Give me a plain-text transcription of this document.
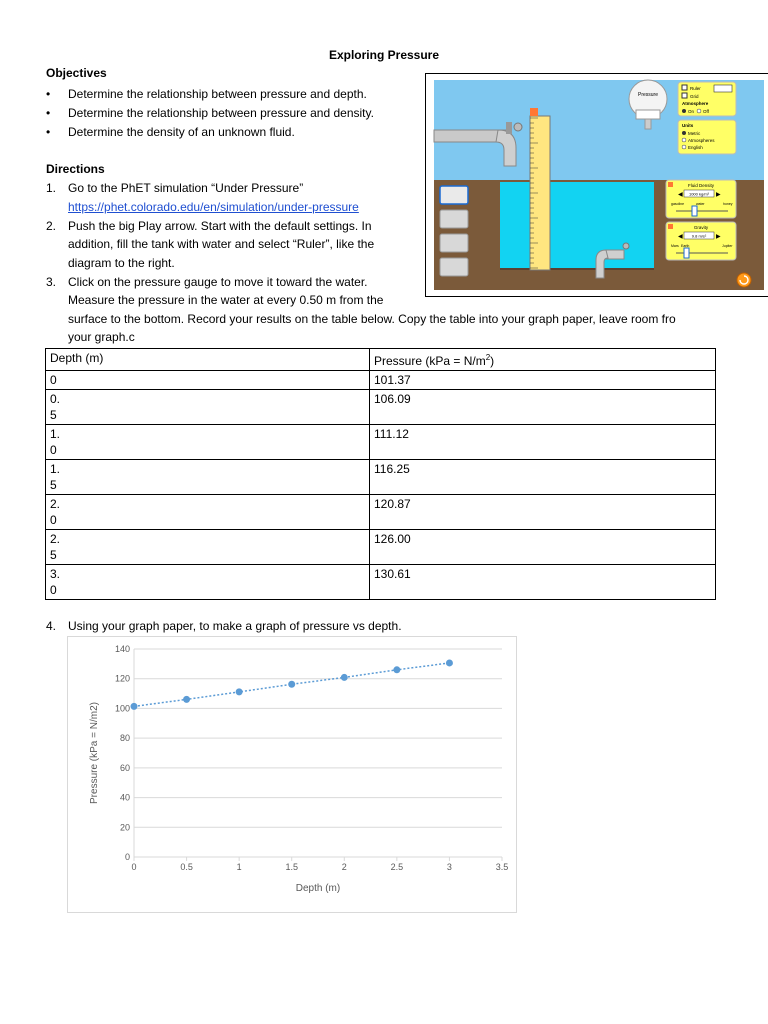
Exploring Pressure
Objectives
• Determine the relationship between pressure and depth.
• Determine the relationship between pressure and density.
• Determine the density of an unknown fluid.
Directions
1. Go to the PhET simulation “Under Pressure”
https://phet.colorado.edu/en/simulation/under-pressure
2. Push the big Play arrow. Start with the default settings. In
addition, fill the tank with water and select “Ruler”, like the
diagram to the right.
3. Click on the pressure gauge to move it toward the water.
Measure the pressure in the water at every 0.50 m from the
surface to the bottom. Record your results on the table below. Copy the table into your graph paper, leave room fro
your graph.c
Pressure
Ruler
Grid
Atmosphere
On Off
Units
Metric
Atmospheres
English
Fluid Density
1000 kg/m³
◀	▶
gasoline	water	honey
Gravity
9.8 m/s²
◀	▶
Mars Earth	Jupiter
Depth (m)	Pressure $(kPa = N/m^2)$

0	101.37

0.
5	106.09

1.
0	111.12

1.
5	116.25

2.
0	120.87

2.
5	126.00

3.
0	130.61
4. Using your graph paper, to make a graph of pressure vs depth.
0
20
40
60
80
100
120
140
0	0.5	1	1.5	2	2.5	3	3.5
Depth (m)
Pressure (kPa = N/m2)
